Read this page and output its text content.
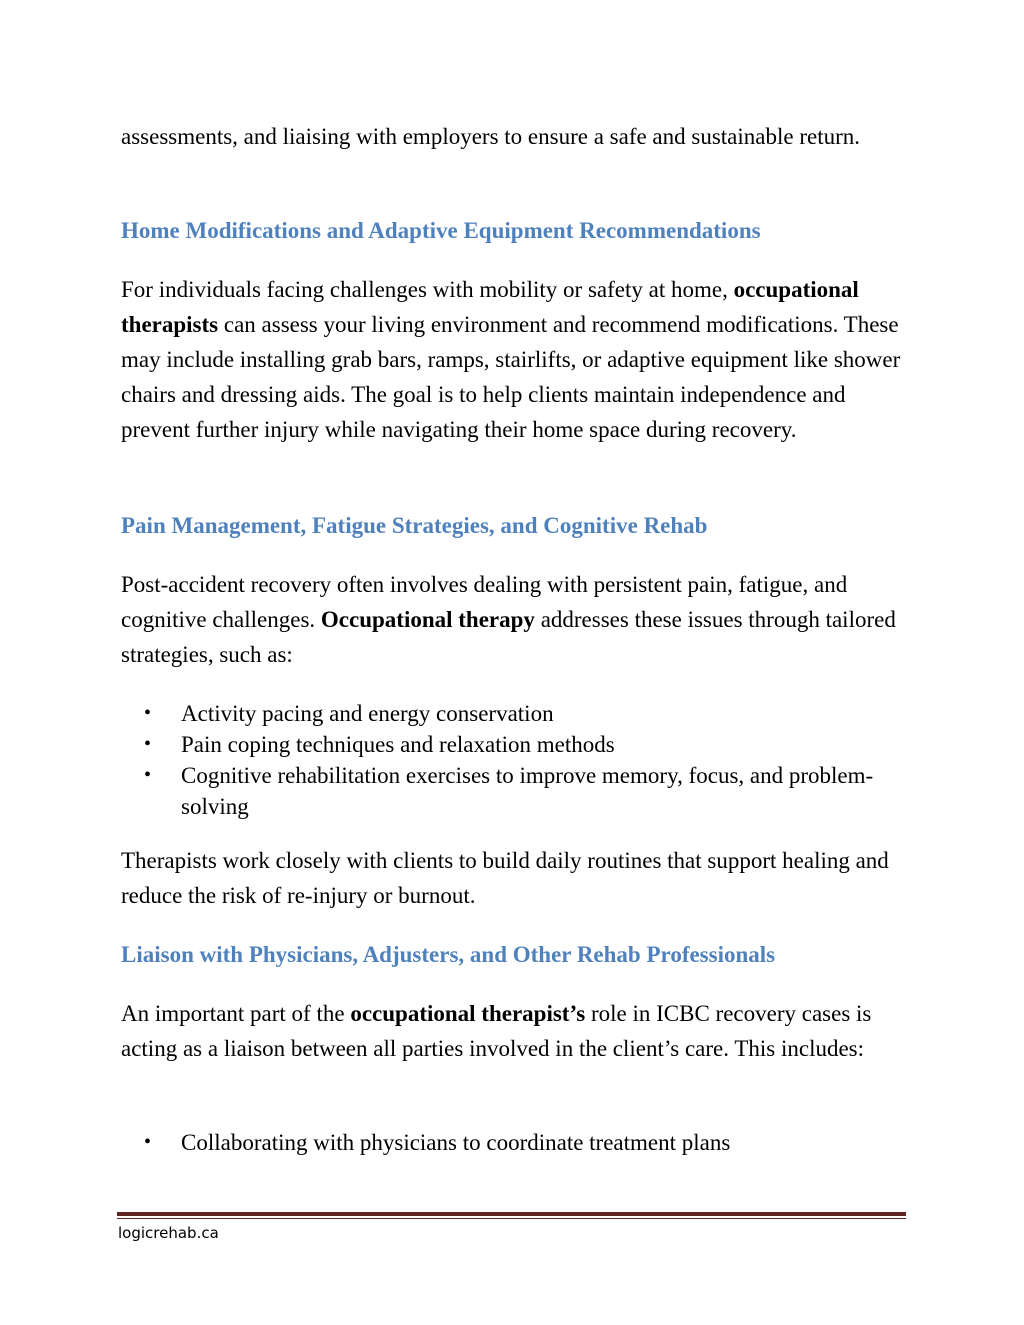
assessments, and liaising with employers to ensure a safe and sustainable return.

Home Modifications and Adaptive Equipment Recommendations

For individuals facing challenges with mobility or safety at home, occupational therapists can assess your living environment and recommend modifications. These may include installing grab bars, ramps, stairlifts, or adaptive equipment like shower chairs and dressing aids. The goal is to help clients maintain independence and prevent further injury while navigating their home space during recovery.

Pain Management, Fatigue Strategies, and Cognitive Rehab

Post-accident recovery often involves dealing with persistent pain, fatigue, and cognitive challenges. Occupational therapy addresses these issues through tailored strategies, such as:

• Activity pacing and energy conservation
• Pain coping techniques and relaxation methods
• Cognitive rehabilitation exercises to improve memory, focus, and problem-solving

Therapists work closely with clients to build daily routines that support healing and reduce the risk of re-injury or burnout.

Liaison with Physicians, Adjusters, and Other Rehab Professionals

An important part of the occupational therapist’s role in ICBC recovery cases is acting as a liaison between all parties involved in the client’s care. This includes:

• Collaborating with physicians to coordinate treatment plans
logicrehab.ca
